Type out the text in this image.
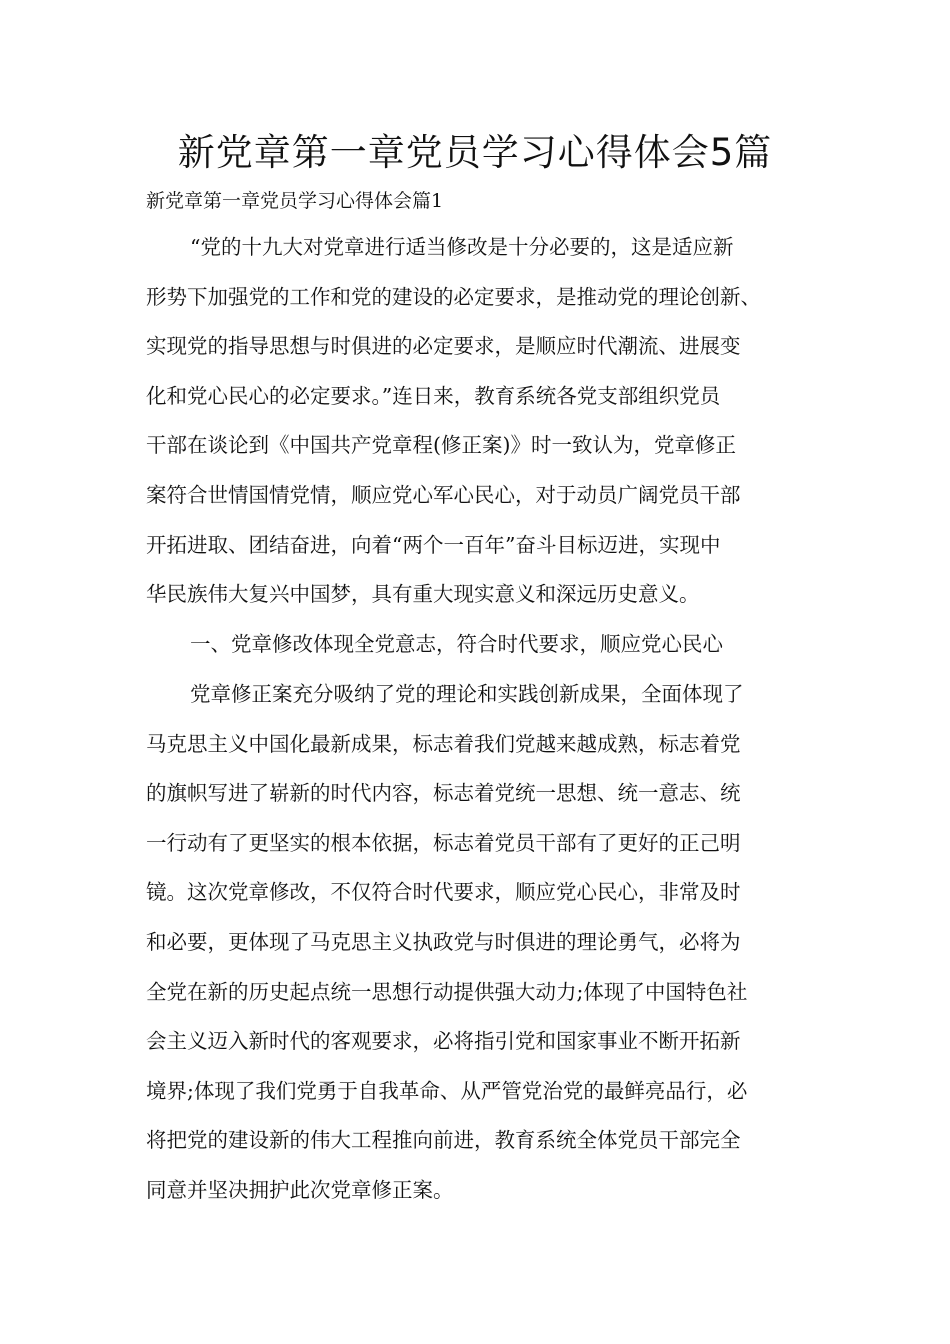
新党章第一章党员学习心得体会5篇

新党章第一章党员学习心得体会篇1

“党的十九大对党章进行适当修改是十分必要的，这是适应新
形势下加强党的工作和党的建设的必定要求，是推动党的理论创新、
实现党的指导思想与时俱进的必定要求，是顺应时代潮流、进展变
化和党心民心的必定要求。”连日来，教育系统各党支部组织党员
干部在谈论到《中国共产党章程(修正案)》时一致认为，党章修正
案符合世情国情党情，顺应党心军心民心，对于动员广阔党员干部
开拓进取、团结奋进，向着“两个一百年”奋斗目标迈进，实现中
华民族伟大复兴中国梦，具有重大现实意义和深远历史意义。
一、党章修改体现全党意志，符合时代要求，顺应党心民心
党章修正案充分吸纳了党的理论和实践创新成果，全面体现了
马克思主义中国化最新成果，标志着我们党越来越成熟，标志着党
的旗帜写进了崭新的时代内容，标志着党统一思想、统一意志、统
一行动有了更坚实的根本依据，标志着党员干部有了更好的正己明
镜。这次党章修改，不仅符合时代要求，顺应党心民心，非常及时
和必要，更体现了马克思主义执政党与时俱进的理论勇气，必将为
全党在新的历史起点统一思想行动提供强大动力;体现了中国特色社
会主义迈入新时代的客观要求，必将指引党和国家事业不断开拓新
境界;体现了我们党勇于自我革命、从严管党治党的最鲜亮品行，必
将把党的建设新的伟大工程推向前进，教育系统全体党员干部完全
同意并坚决拥护此次党章修正案。
